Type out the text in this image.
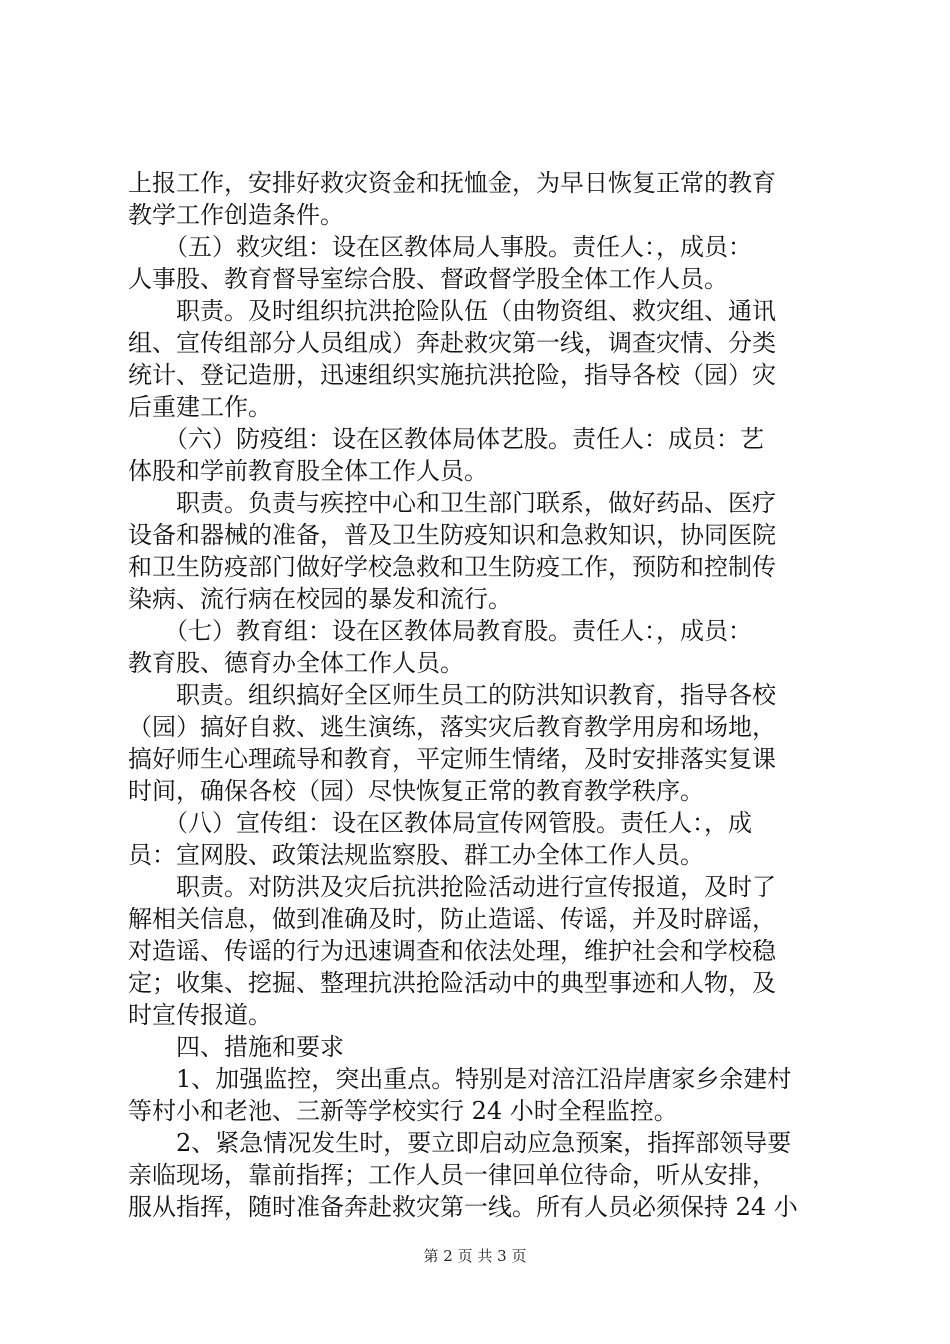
上报工作，安排好救灾资金和抚恤金，为早日恢复正常的教育
教学工作创造条件。
　　（五）救灾组：设在区教体局人事股。责任人：，成员：
人事股、教育督导室综合股、督政督学股全体工作人员。
　　职责。及时组织抗洪抢险队伍（由物资组、救灾组、通讯
组、宣传组部分人员组成）奔赴救灾第一线，调查灾情、分类
统计、登记造册，迅速组织实施抗洪抢险，指导各校（园）灾
后重建工作。
　　（六）防疫组：设在区教体局体艺股。责任人：成员：艺
体股和学前教育股全体工作人员。
　　职责。负责与疾控中心和卫生部门联系，做好药品、医疗
设备和器械的准备，普及卫生防疫知识和急救知识，协同医院
和卫生防疫部门做好学校急救和卫生防疫工作，预防和控制传
染病、流行病在校园的暴发和流行。
　　（七）教育组：设在区教体局教育股。责任人：，成员：
教育股、德育办全体工作人员。
　　职责。组织搞好全区师生员工的防洪知识教育，指导各校
（园）搞好自救、逃生演练，落实灾后教育教学用房和场地，
搞好师生心理疏导和教育，平定师生情绪，及时安排落实复课
时间，确保各校（园）尽快恢复正常的教育教学秩序。
　　（八）宣传组：设在区教体局宣传网管股。责任人：，成
员：宣网股、政策法规监察股、群工办全体工作人员。
　　职责。对防洪及灾后抗洪抢险活动进行宣传报道，及时了
解相关信息，做到准确及时，防止造谣、传谣，并及时辟谣，
对造谣、传谣的行为迅速调查和依法处理，维护社会和学校稳
定；收集、挖掘、整理抗洪抢险活动中的典型事迹和人物，及
时宣传报道。
　　四、措施和要求
　　1、加强监控，突出重点。特别是对涪江沿岸唐家乡余建村
等村小和老池、三新等学校实行 24 小时全程监控。
　　2、紧急情况发生时，要立即启动应急预案，指挥部领导要
亲临现场，靠前指挥；工作人员一律回单位待命，听从安排，
服从指挥，随时准备奔赴救灾第一线。所有人员必须保持 24 小
第 2 页 共 3 页
